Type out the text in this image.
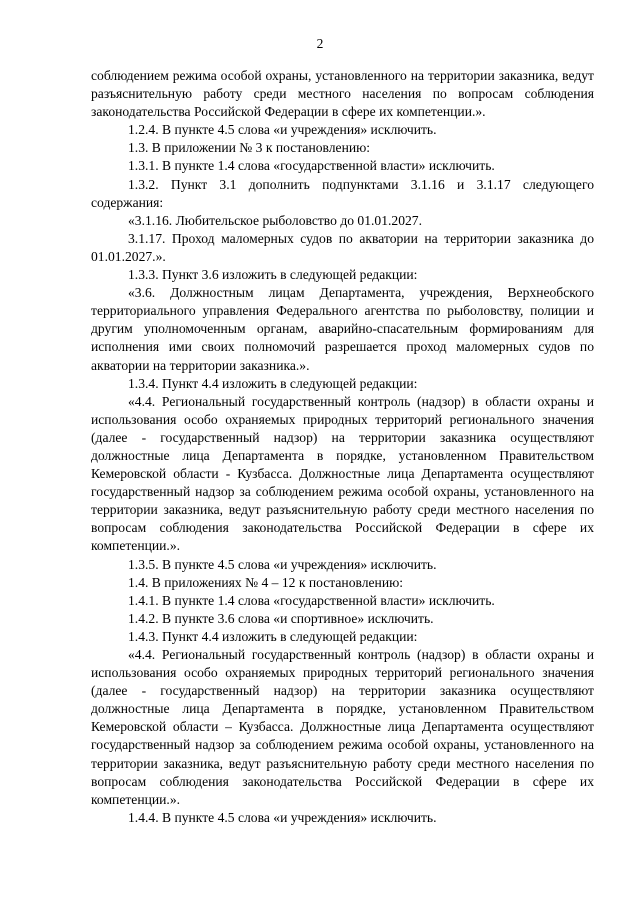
2

соблюдением режима особой охраны, установленного на территории заказника, ведут разъяснительную работу среди местного населения по вопросам соблюдения законодательства Российской Федерации в сфере их компетенции.».

1.2.4. В пункте 4.5 слова «и учреждения» исключить.

1.3. В приложении № 3 к постановлению:

1.3.1. В пункте 1.4 слова «государственной власти» исключить.

1.3.2. Пункт 3.1 дополнить подпунктами 3.1.16 и 3.1.17 следующего содержания:

«3.1.16. Любительское рыболовство до 01.01.2027.

3.1.17. Проход маломерных судов по акватории на территории заказника до 01.01.2027.».

1.3.3. Пункт 3.6 изложить в следующей редакции:

«3.6. Должностным лицам Департамента, учреждения, Верхнеобского территориального управления Федерального агентства по рыболовству, полиции и другим уполномоченным органам, аварийно-спасательным формированиям для исполнения ими своих полномочий разрешается проход маломерных судов по акватории на территории заказника.».

1.3.4. Пункт 4.4 изложить в следующей редакции:

«4.4. Региональный государственный контроль (надзор) в области охраны и использования особо охраняемых природных территорий регионального значения (далее - государственный надзор) на территории заказника осуществляют должностные лица Департамента в порядке, установленном Правительством Кемеровской области - Кузбасса. Должностные лица Департамента осуществляют государственный надзор за соблюдением режима особой охраны, установленного на территории заказника, ведут разъяснительную работу среди местного населения по вопросам соблюдения законодательства Российской Федерации в сфере их компетенции.».

1.3.5. В пункте 4.5 слова «и учреждения» исключить.

1.4. В приложениях № 4 – 12 к постановлению:

1.4.1. В пункте 1.4 слова «государственной власти» исключить.

1.4.2. В пункте 3.6 слова «и спортивное» исключить.

1.4.3. Пункт 4.4 изложить в следующей редакции:

«4.4. Региональный государственный контроль (надзор) в области охраны и использования особо охраняемых природных территорий регионального значения (далее - государственный надзор) на территории заказника осуществляют должностные лица Департамента в порядке, установленном Правительством Кемеровской области – Кузбасса. Должностные лица Департамента осуществляют государственный надзор за соблюдением режима особой охраны, установленного на территории заказника, ведут разъяснительную работу среди местного населения по вопросам соблюдения законодательства Российской Федерации в сфере их компетенции.».

1.4.4. В пункте 4.5 слова «и учреждения» исключить.
